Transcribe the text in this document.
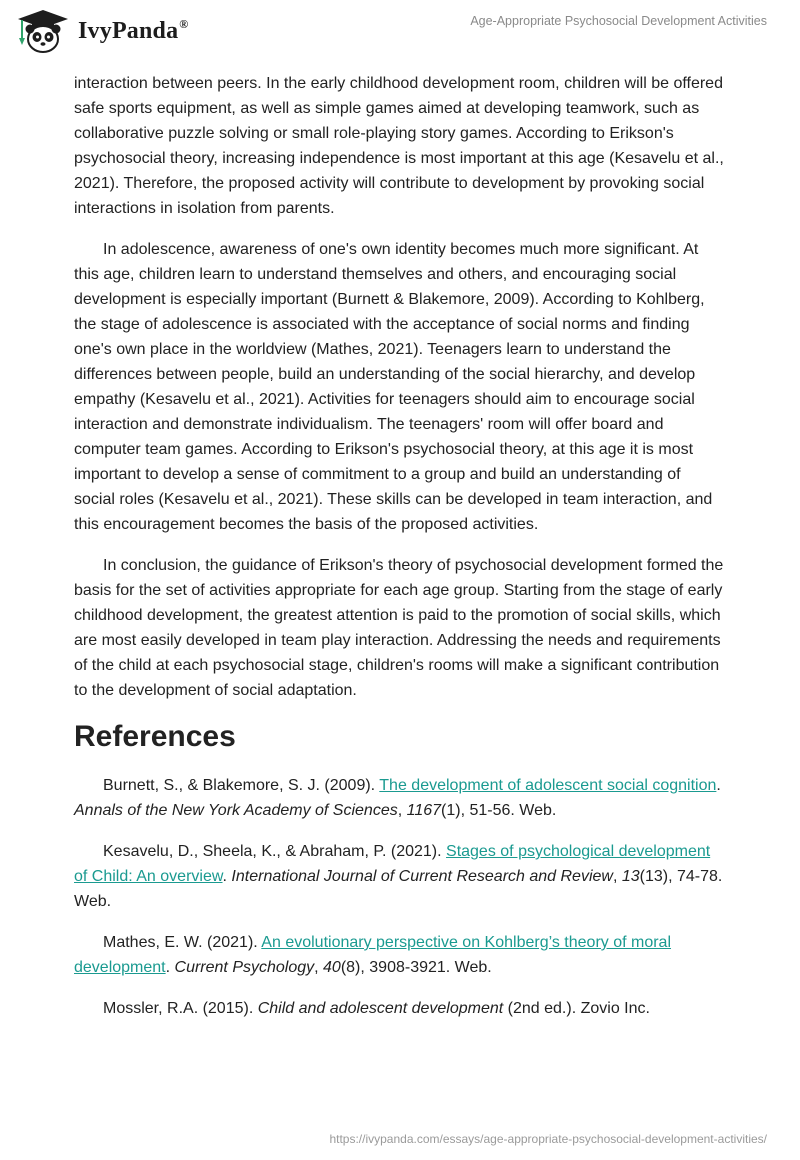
IvyPanda®	Age-Appropriate Psychosocial Development Activities

interaction between peers. In the early childhood development room, children will be offered safe sports equipment, as well as simple games aimed at developing teamwork, such as collaborative puzzle solving or small role-playing story games. According to Erikson's psychosocial theory, increasing independence is most important at this age (Kesavelu et al., 2021). Therefore, the proposed activity will contribute to development by provoking social interactions in isolation from parents.

In adolescence, awareness of one's own identity becomes much more significant. At this age, children learn to understand themselves and others, and encouraging social development is especially important (Burnett & Blakemore, 2009). According to Kohlberg, the stage of adolescence is associated with the acceptance of social norms and finding one's own place in the worldview (Mathes, 2021). Teenagers learn to understand the differences between people, build an understanding of the social hierarchy, and develop empathy (Kesavelu et al., 2021). Activities for teenagers should aim to encourage social interaction and demonstrate individualism. The teenagers' room will offer board and computer team games. According to Erikson's psychosocial theory, at this age it is most important to develop a sense of commitment to a group and build an understanding of social roles (Kesavelu et al., 2021). These skills can be developed in team interaction, and this encouragement becomes the basis of the proposed activities.

In conclusion, the guidance of Erikson's theory of psychosocial development formed the basis for the set of activities appropriate for each age group. Starting from the stage of early childhood development, the greatest attention is paid to the promotion of social skills, which are most easily developed in team play interaction. Addressing the needs and requirements of the child at each psychosocial stage, children's rooms will make a significant contribution to the development of social adaptation.

References
Burnett, S., & Blakemore, S. J. (2009). The development of adolescent social cognition. Annals of the New York Academy of Sciences, 1167(1), 51-56. Web.
Kesavelu, D., Sheela, K., & Abraham, P. (2021). Stages of psychological development of Child: An overview. International Journal of Current Research and Review, 13(13), 74-78. Web.
Mathes, E. W. (2021). An evolutionary perspective on Kohlberg’s theory of moral development. Current Psychology, 40(8), 3908-3921. Web.
Mossler, R.A. (2015). Child and adolescent development (2nd ed.). Zovio Inc.
https://ivypanda.com/essays/age-appropriate-psychosocial-development-activities/
